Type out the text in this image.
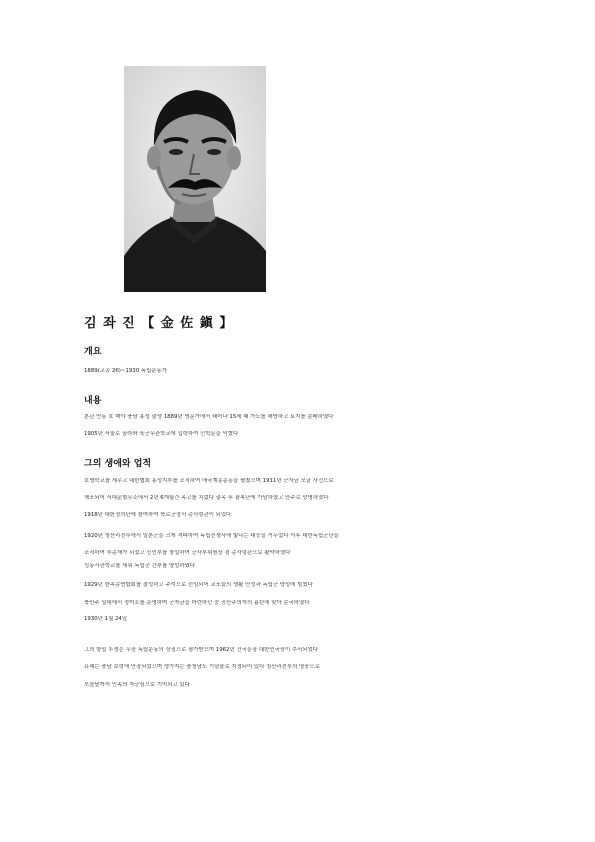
김 좌 진 【 金 佐 鎭 】
개요
1889(고종 26)~1930 독립운동가
내용
본관 안동 호 백야 충남 홍성 출생 1889년 명문가에서 태어나 15세 때 가노를 해방하고 토지를 분배하였다
1905년 서울로 올라와 육군무관학교에 입학하여 신학문을 익혔다
그의 생애와 업적
호명학교를 세우고 대한협회 홍성지부를 조직하여 애국계몽운동을 펼쳤으며 1911년 군자금 모금 사건으로
체포되어 서대문형무소에서 2년 6개월간 옥고를 치렀다 출옥 후 광복단에 가담하였고 만주로 망명하였다
1918년 대한정의단에 참여하여 북로군정서 총사령관이 되었다
1920년 청산리전투에서 일본군을 크게 격파하여 독립전쟁사에 빛나는 대승을 거두었다 이후 대한독립군단을
조직하여 부총재가 되었고 신민부를 창설하여 군사부위원장 겸 총사령관으로 활약하였다
성동사관학교를 세워 독립군 간부를 양성하였다
1929년 한족총연합회를 결성하고 주석으로 선임되어 교포들의 생활 안정과 독립군 양성에 힘썼다
북만주 일대에서 정미소를 운영하며 군자금을 마련하던 중 공산주의자의 흉탄에 맞아 순국하였다
1930년 1월 24일
그의 항일 투쟁은 무장 독립운동의 상징으로 평가받으며 1962년 건국훈장 대한민국장이 추서되었다
유해는 충남 보령에 안장되었으며 생가지는 충청남도 기념물로 지정되어 있다 청산리전투의 영웅으로
오늘날까지 민족의 자긍심으로 기억되고 있다
